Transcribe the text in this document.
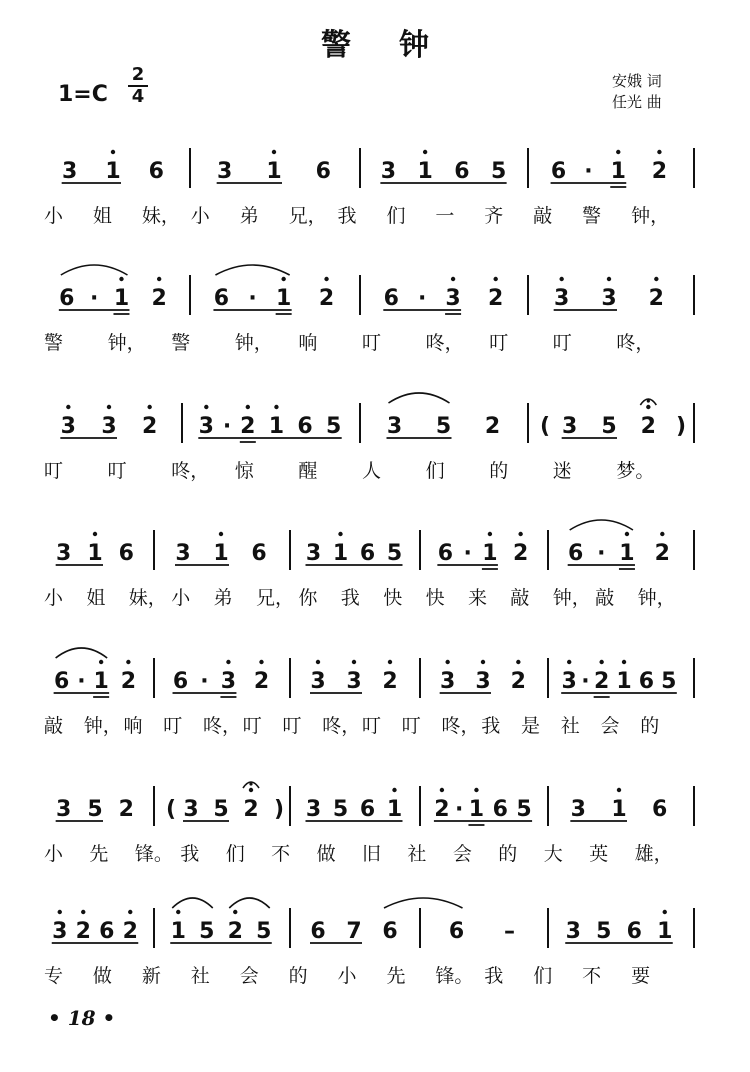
警钟
1=C
2
4
安娥 词
任光 曲
3 1 6 3 1 6 3 1 6 5 6 · 1 2
小 姐 妹， 小 弟 兄， 我 们 一 齐 敲 警 钟，
6 · 1 2 6 · 1 2 6 · 3 2 3 3 2
警 钟， 警 钟， 响 叮 咚， 叮 叮 咚，
3 3 2 3 · 2 1 6 5 3 5 2 (	)
3 5 2
叮 叮 咚， 惊 醒 人 们 的 迷 梦。
3 1 6 3 1 6 3 1 6 5 6 · 1 2 6 · 1 2
小 姐 妹， 小 弟 兄， 你 我 快 快 来 敲 钟， 敲 钟，
6 · 1 2 6 · 3 2 3 3 2 3 3 2 3 · 2 1 6 5
敲 钟， 响 叮 咚， 叮 叮 咚， 叮 叮 咚， 我 是 社 会 的
3 5 2 (	)
3 5 2 3 5 6 1 2 · 1 6 5 3 1 6
小 先 锋。 我 们 不 做 旧 社 会 的 大 英 雄，
3 2 6 2 1 5 2 5 6 7 6 6 – 3 5 6 1
专 做 新 社 会 的 小 先 锋。 我 们 不 要
• 18 •
